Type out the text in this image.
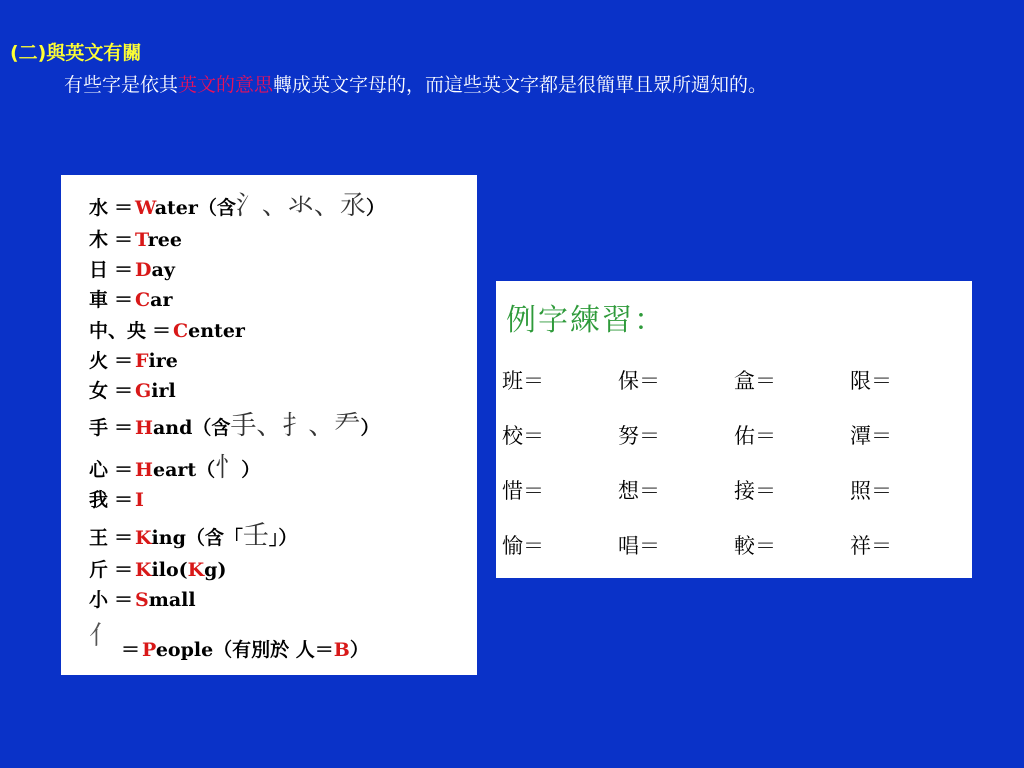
(二)與英文有關
有些字是依其英文的意思轉成英文字母的，而這些英文字都是很簡單且眾所週知的。
水 ＝ Water（含氵、氺、氶）
木 ＝ Tree
日 ＝ Day
車 ＝ Car
中、央 ＝ Center
火 ＝ Fire
女 ＝ Girl
手 ＝ Hand（含手、扌、龵）
心 ＝ Heart（忄）
我 ＝ I
王 ＝ King（含「壬」）
斤 ＝ Kilo(Kg)
小 ＝ Small
亻 ＝ People（有別於 人＝B）
例字練習：
班＝	保＝	盒＝	限＝
校＝	努＝	佑＝	潭＝
惜＝	想＝	接＝	照＝
愉＝	唱＝	較＝	祥＝
